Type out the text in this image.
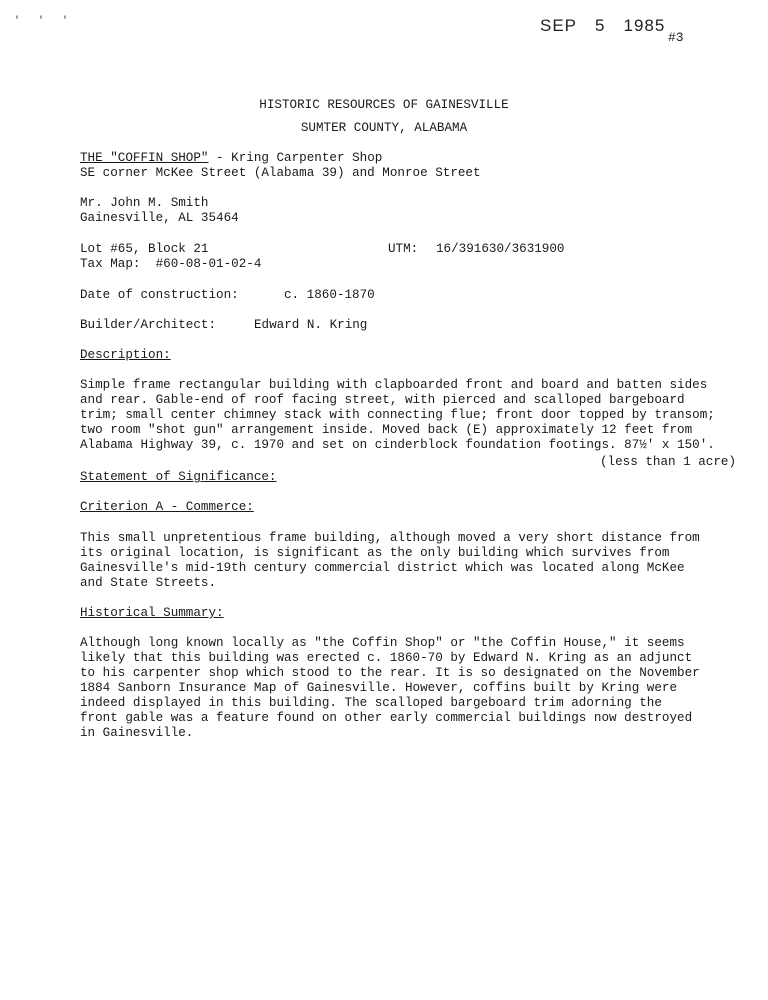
' ' '	SEP 5 1985
#3
HISTORIC RESOURCES OF GAINESVILLE
SUMTER COUNTY, ALABAMA
THE "COFFIN SHOP" - Kring Carpenter Shop
SE corner McKee Street (Alabama 39) and Monroe Street
Mr. John M. Smith
Gainesville, AL 35464
Lot #65, Block 21	UTM: 16/391630/3631900
Tax Map:  #60-08-01-02-4
Date of construction:	c. 1860-1870
Builder/Architect:	Edward N. Kring
Description:
Simple frame rectangular building with clapboarded front and board and batten sides
and rear. Gable-end of roof facing street, with pierced and scalloped bargeboard
trim; small center chimney stack with connecting flue; front door topped by transom;
two room "shot gun" arrangement inside. Moved back (E) approximately 12 feet from
Alabama Highway 39, c. 1970 and set on cinderblock foundation footings. 87½' x 150'.
(less than 1 acre)
Statement of Significance:
Criterion A - Commerce:
This small unpretentious frame building, although moved a very short distance from
its original location, is significant as the only building which survives from
Gainesville's mid-19th century commercial district which was located along McKee
and State Streets.
Historical Summary:
Although long known locally as "the Coffin Shop" or "the Coffin House," it seems
likely that this building was erected c. 1860-70 by Edward N. Kring as an adjunct
to his carpenter shop which stood to the rear. It is so designated on the November
1884 Sanborn Insurance Map of Gainesville. However, coffins built by Kring were
indeed displayed in this building. The scalloped bargeboard trim adorning the
front gable was a feature found on other early commercial buildings now destroyed
in Gainesville.
